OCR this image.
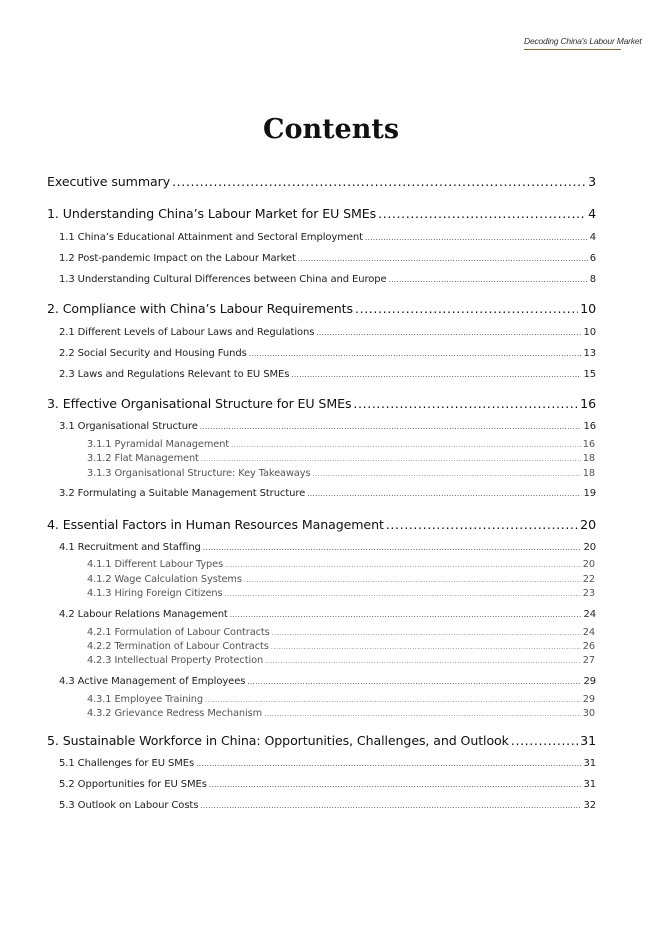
Decoding China's Labour Market
Contents
Executive summary .....	3
1. Understanding China’s Labour Market for EU SMEs .....	4
1.1 China’s Educational Attainment and Sectoral Employment .....	4
1.2 Post-pandemic Impact on the Labour Market .....	6
1.3 Understanding Cultural Differences between China and Europe .....	8
2. Compliance with China’s Labour Requirements .....	10
2.1 Different Levels of Labour Laws and Regulations .....	10
2.2 Social Security and Housing Funds .....	13
2.3 Laws and Regulations Relevant to EU SMEs .....	15
3. Effective Organisational Structure for EU SMEs .....	16
3.1 Organisational Structure .....	16
3.1.1 Pyramidal Management .....	16
3.1.2 Flat Management .....	18
3.1.3 Organisational Structure: Key Takeaways .....	18
3.2 Formulating a Suitable Management Structure .....	19
4. Essential Factors in Human Resources Management .....	20
4.1 Recruitment and Staffing .....	20
4.1.1 Different Labour Types .....	20
4.1.2 Wage Calculation Systems .....	22
4.1.3 Hiring Foreign Citizens .....	23
4.2 Labour Relations Management .....	24
4.2.1 Formulation of Labour Contracts .....	24
4.2.2 Termination of Labour Contracts .....	26
4.2.3 Intellectual Property Protection .....	27
4.3 Active Management of Employees .....	29
4.3.1 Employee Training .....	29
4.3.2 Grievance Redress Mechanism .....	30
5. Sustainable Workforce in China: Opportunities, Challenges, and Outlook .....	31
5.1 Challenges for EU SMEs .....	31
5.2 Opportunities for EU SMEs .....	31
5.3 Outlook on Labour Costs .....	32
